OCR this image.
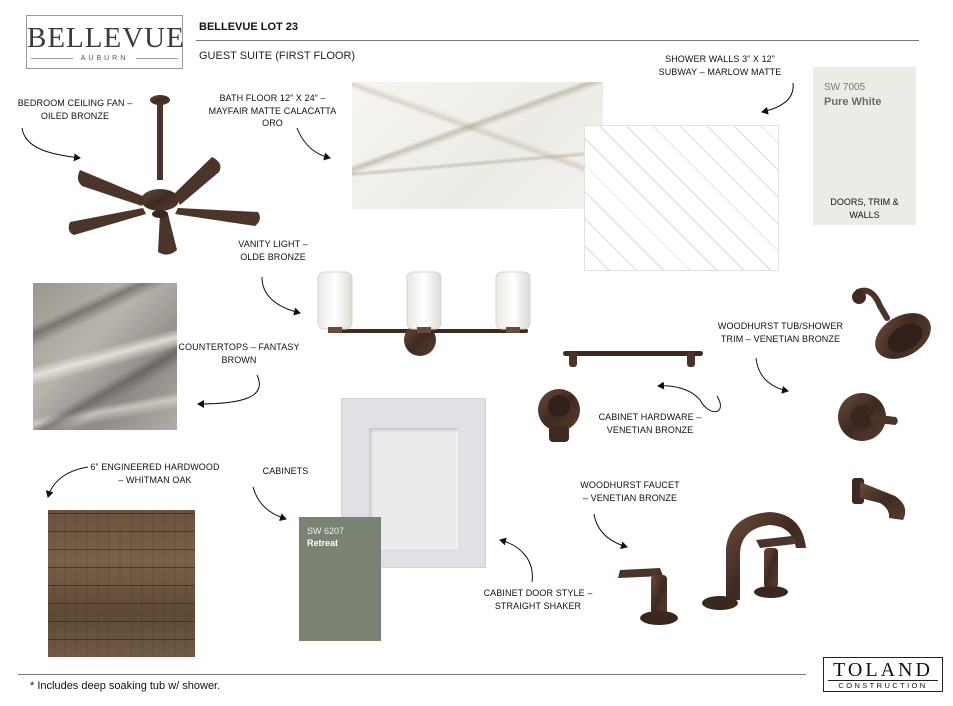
BELLEVUE
AUBURN
BELLEVUE LOT 23
GUEST SUITE (FIRST FLOOR)
SW 7005
Pure White
DOORS, TRIM &
WALLS
SW 6207
Retreat
BEDROOM CEILING FAN –
OILED BRONZE
BATH FLOOR 12” X 24” –
MAYFAIR MATTE CALACATTA
ORO
SHOWER WALLS 3” X 12”
SUBWAY – MARLOW MATTE
VANITY LIGHT –
OLDE BRONZE
COUNTERTOPS – FANTASY
BROWN
WOODHURST TUB/SHOWER
TRIM – VENETIAN BRONZE
CABINET HARDWARE –
VENETIAN BRONZE
6” ENGINEERED HARDWOOD
– WHITMAN OAK
CABINETS
WOODHURST FAUCET
– VENETIAN BRONZE
CABINET DOOR STYLE –
STRAIGHT SHAKER
* Includes deep soaking tub w/ shower.
TOLAND
CONSTRUCTION
